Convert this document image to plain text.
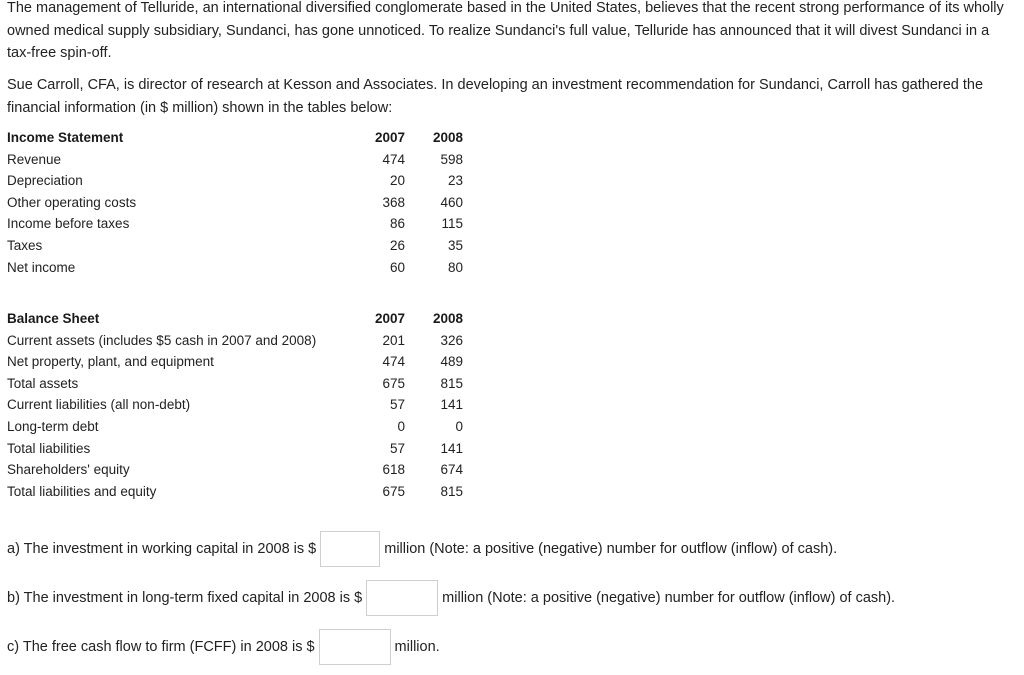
The management of Telluride, an international diversified conglomerate based in the United States, believes that the recent strong performance of its wholly owned medical supply subsidiary, Sundanci, has gone unnoticed. To realize Sundanci's full value, Telluride has announced that it will divest Sundanci in a tax-free spin-off.

Sue Carroll, CFA, is director of research at Kesson and Associates. In developing an investment recommendation for Sundanci, Carroll has gathered the financial information (in $ million) shown in the tables below:

Income Statement	2007	2008
Revenue	474	598
Depreciation	20	23
Other operating costs	368	460
Income before taxes	86	115
Taxes	26	35
Net income	60	80
Balance Sheet	2007	2008
Current assets (includes $5 cash in 2007 and 2008)	201	326
Net property, plant, and equipment	474	489
Total assets	675	815
Current liabilities (all non-debt)	57	141
Long-term debt	0	0
Total liabilities	57	141
Shareholders' equity	618	674
Total liabilities and equity	675	815
a) The investment in working capital in 2008 is $	million (Note: a positive (negative) number for outflow (inflow) of cash).
b) The investment in long-term fixed capital in 2008 is $	million (Note: a positive (negative) number for outflow (inflow) of cash).
c) The free cash flow to firm (FCFF) in 2008 is $	million.
